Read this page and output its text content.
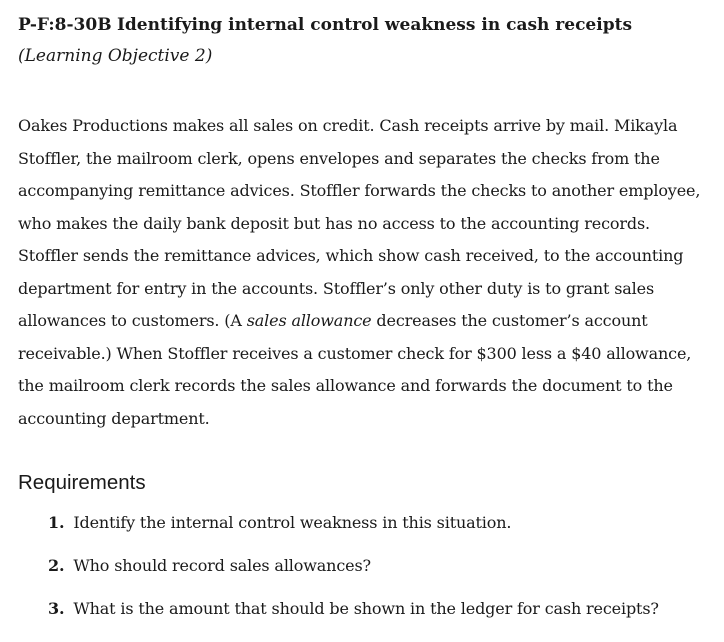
P-F:8-30B Identifying internal control weakness in cash receipts (Learning Objective 2)

Oakes Productions makes all sales on credit. Cash receipts arrive by mail. Mikayla Stoffler, the mailroom clerk, opens envelopes and separates the checks from the accompanying remittance advices. Stoffler forwards the checks to another employee, who makes the daily bank deposit but has no access to the accounting records. Stoffler sends the remittance advices, which show cash received, to the accounting department for entry in the accounts. Stoffler’s only other duty is to grant sales allowances to customers. (A sales allowance decreases the customer’s account receivable.) When Stoffler receives a customer check for $300 less a $40 allowance, the mailroom clerk records the sales allowance and forwards the document to the accounting department.

Requirements
1. Identify the internal control weakness in this situation.
2. Who should record sales allowances?
3. What is the amount that should be shown in the ledger for cash receipts?
